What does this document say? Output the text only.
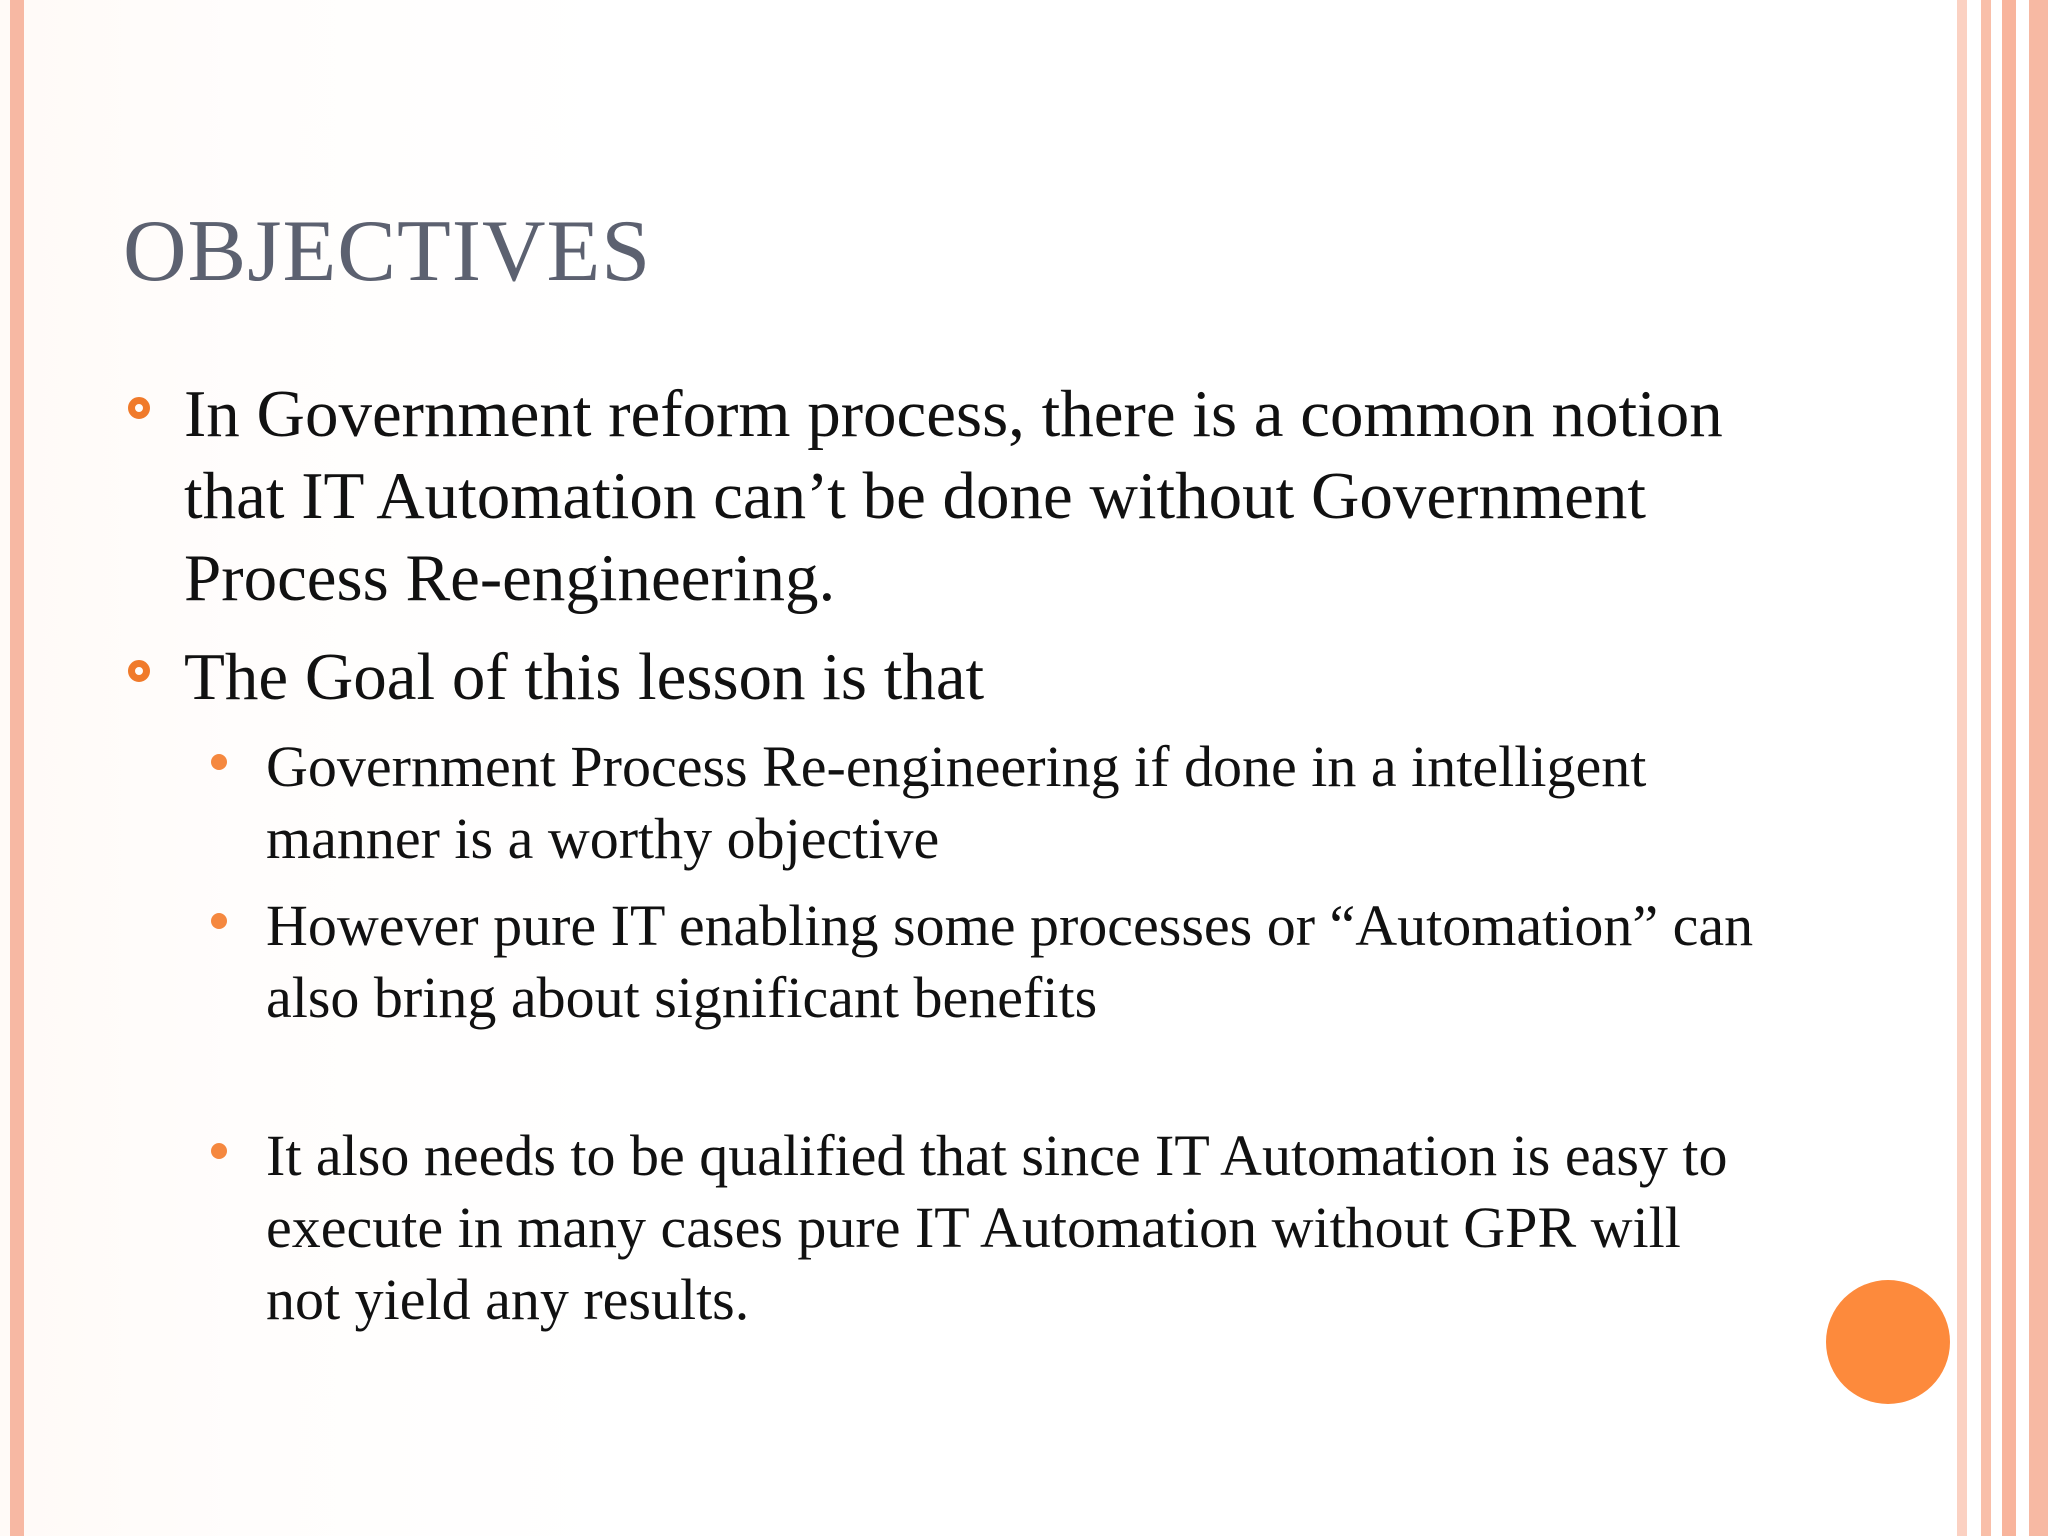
OBJECTIVES
In Government reform process, there is a common notion that IT Automation can’t be done without Government Process Re-engineering.
The Goal of this lesson is that
Government Process Re-engineering if done in a intelligent manner is a worthy objective
However pure IT enabling some processes or “Automation” can also bring about significant benefits
It also needs to be qualified that since IT Automation is easy to execute in many cases pure IT Automation without GPR will not yield any results.
